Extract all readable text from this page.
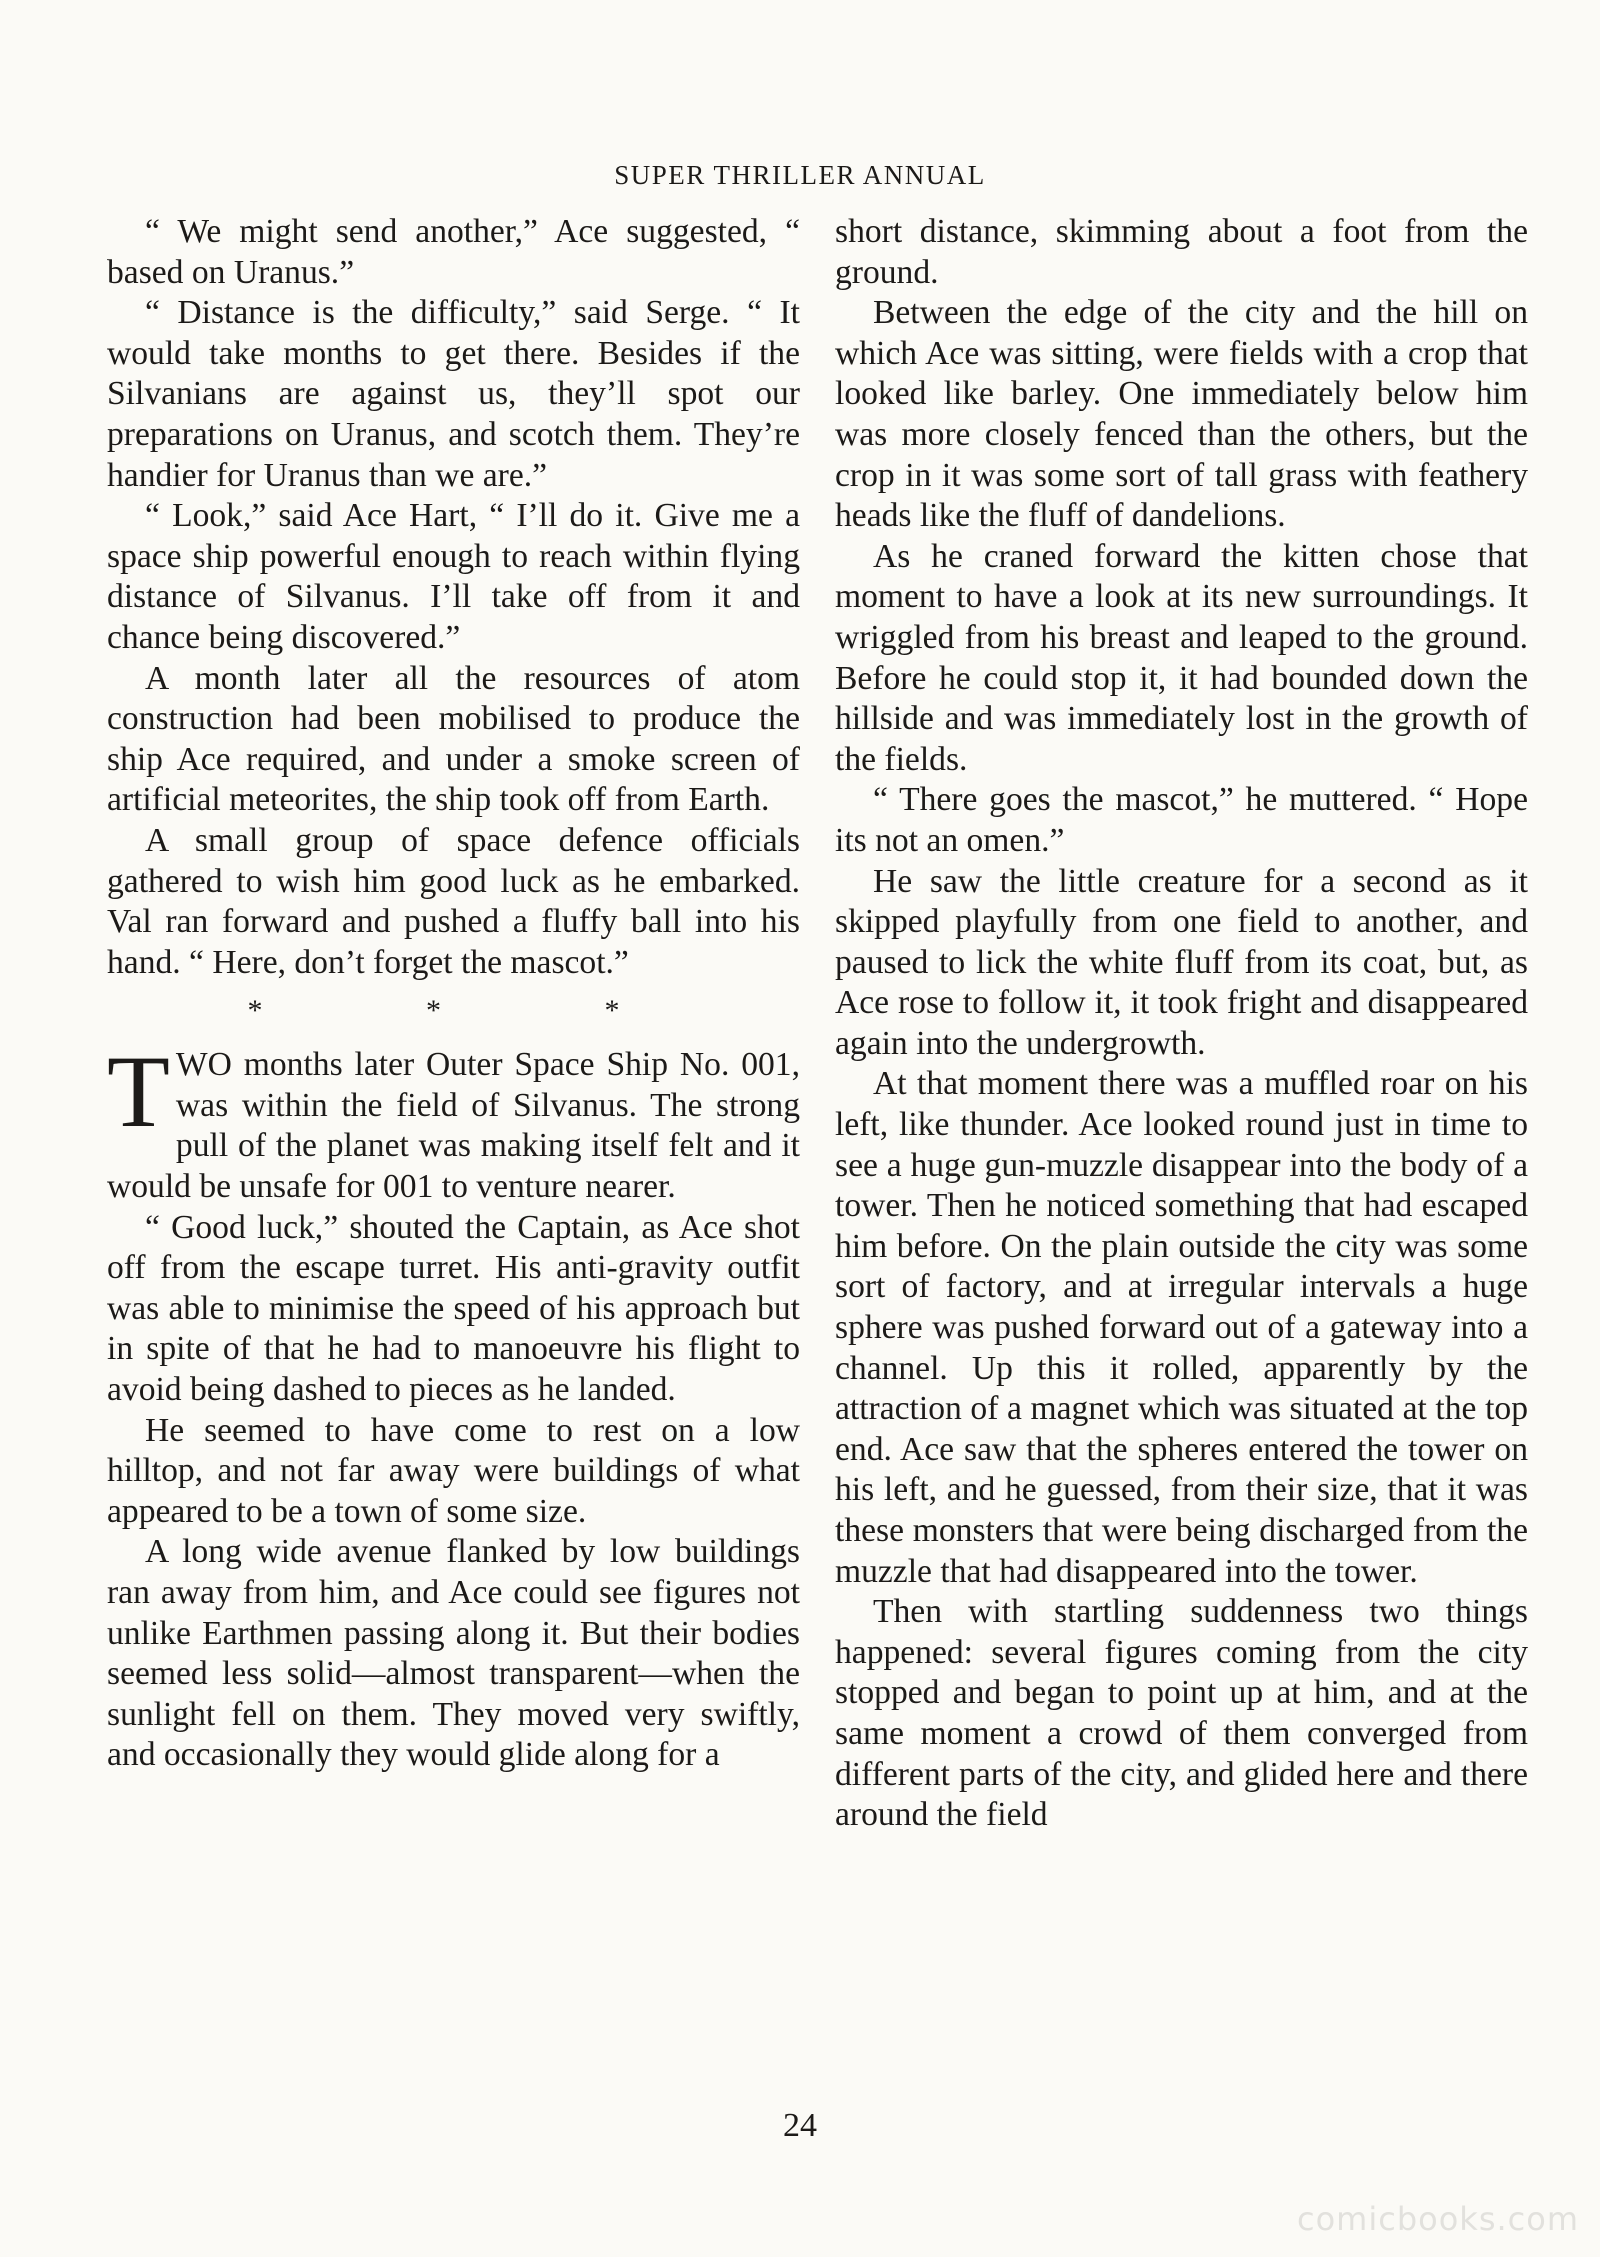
SUPER THRILLER ANNUAL

“ We might send another,” Ace suggested, “ based on Uranus.”

“ Distance is the difficulty,” said Serge. “ It would take months to get there. Besides if the Silvanians are against us, they’ll spot our preparations on Uranus, and scotch them. They’re handier for Uranus than we are.”

“ Look,” said Ace Hart, “ I’ll do it. Give me a space ship powerful enough to reach within flying distance of Silvanus. I’ll take off from it and chance being discovered.”

A month later all the resources of atom construction had been mobilised to produce the ship Ace required, and under a smoke screen of artificial meteorites, the ship took off from Earth.

A small group of space defence officials gathered to wish him good luck as he embarked. Val ran forward and pushed a fluffy ball into his hand. “ Here, don’t forget the mascot.”

* * *

TWO months later Outer Space Ship No. 001, was within the field of Silvanus. The strong pull of the planet was making itself felt and it would be unsafe for 001 to venture nearer.

“ Good luck,” shouted the Captain, as Ace shot off from the escape turret. His anti-gravity outfit was able to minimise the speed of his approach but in spite of that he had to manoeuvre his flight to avoid being dashed to pieces as he landed.

He seemed to have come to rest on a low hilltop, and not far away were buildings of what appeared to be a town of some size.

A long wide avenue flanked by low buildings ran away from him, and Ace could see figures not unlike Earthmen passing along it. But their bodies seemed less solid—almost transparent—when the sunlight fell on them. They moved very swiftly, and occasionally they would glide along for a

short distance, skimming about a foot from the ground.

Between the edge of the city and the hill on which Ace was sitting, were fields with a crop that looked like barley. One immediately below him was more closely fenced than the others, but the crop in it was some sort of tall grass with feathery heads like the fluff of dandelions.

As he craned forward the kitten chose that moment to have a look at its new surroundings. It wriggled from his breast and leaped to the ground. Before he could stop it, it had bounded down the hillside and was immediately lost in the growth of the fields.

“ There goes the mascot,” he muttered. “ Hope its not an omen.”

He saw the little creature for a second as it skipped playfully from one field to another, and paused to lick the white fluff from its coat, but, as Ace rose to follow it, it took fright and disappeared again into the undergrowth.

At that moment there was a muffled roar on his left, like thunder. Ace looked round just in time to see a huge gun-muzzle disappear into the body of a tower. Then he noticed something that had escaped him before. On the plain outside the city was some sort of factory, and at irregular intervals a huge sphere was pushed forward out of a gateway into a channel. Up this it rolled, apparently by the attraction of a magnet which was situated at the top end. Ace saw that the spheres entered the tower on his left, and he guessed, from their size, that it was these monsters that were being discharged from the muzzle that had disappeared into the tower.

Then with startling suddenness two things happened: several figures coming from the city stopped and began to point up at him, and at the same moment a crowd of them converged from different parts of the city, and glided here and there around the field

24
comicbooks.com
